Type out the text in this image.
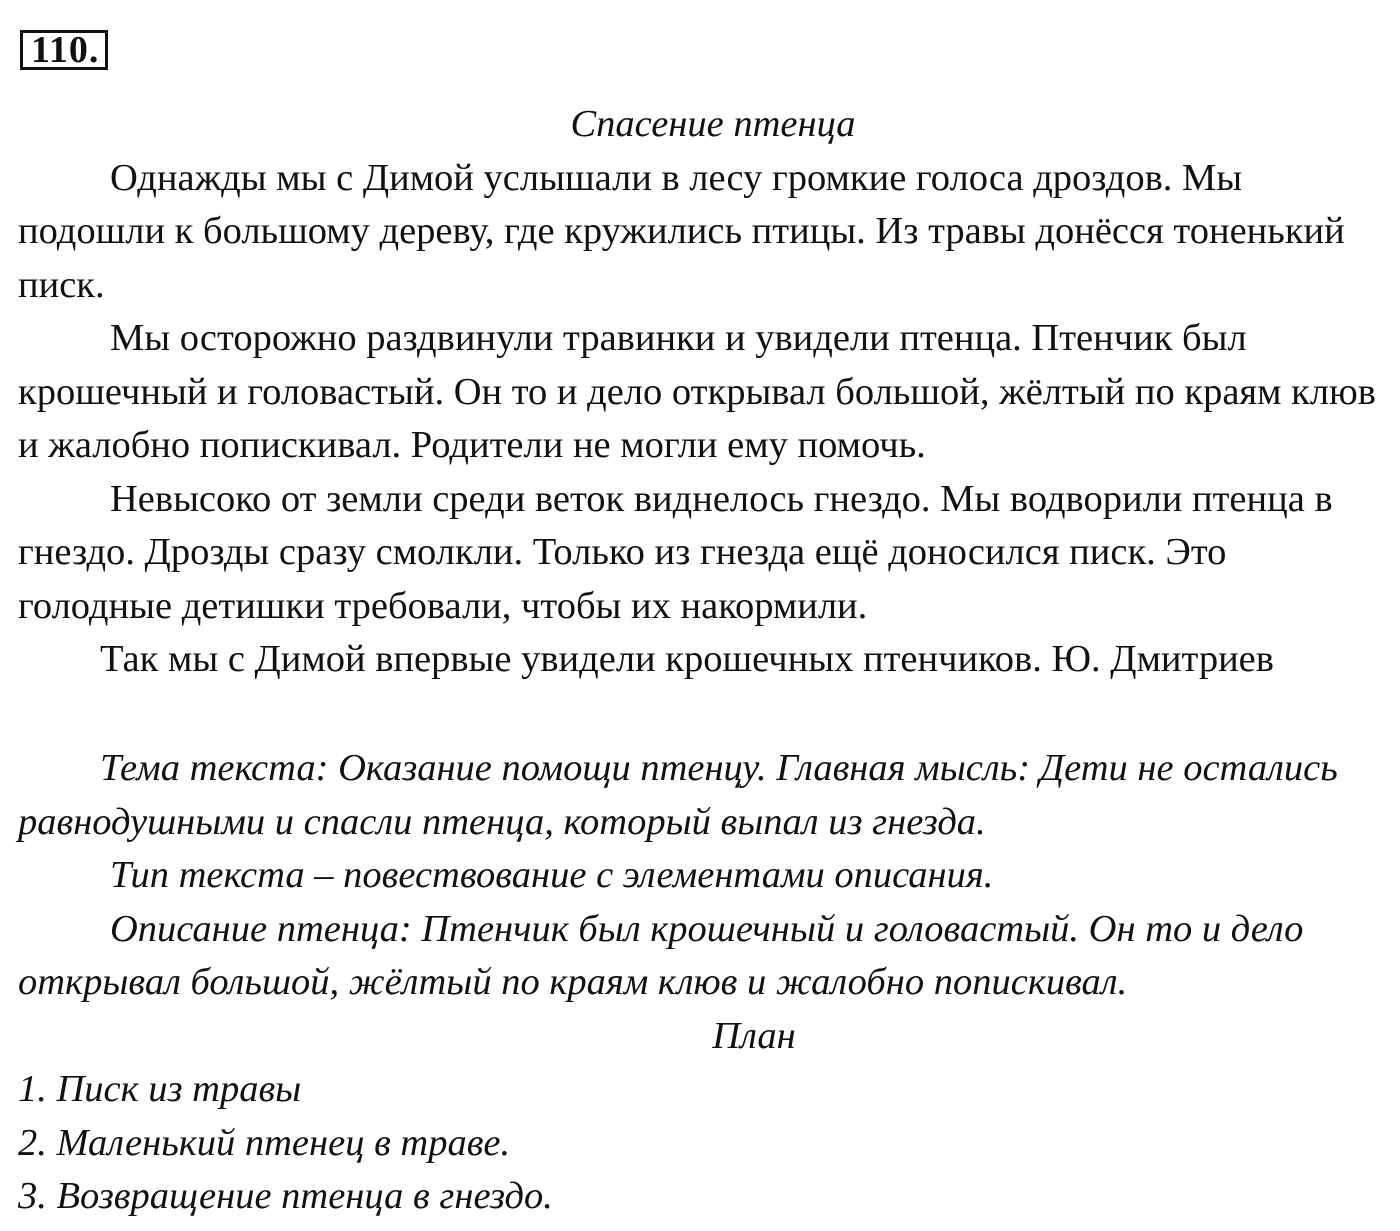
110.

Спасение птенца

Однажды мы с Димой услышали в лесу громкие голоса дроздов. Мы подошли к большому дереву, где кружились птицы. Из травы донёсся тоненький писк.

Мы осторожно раздвинули травинки и увидели птенца. Птенчик был крошечный и головастый. Он то и дело открывал большой, жёлтый по краям клюв и жалобно попискивал. Родители не могли ему помочь.

Невысоко от земли среди веток виднелось гнездо. Мы водворили птенца в гнездо. Дрозды сразу смолкли. Только из гнезда ещё доносился писк. Это голодные детишки требовали, чтобы их накормили.

Так мы с Димой впервые увидели крошечных птенчиков. Ю. Дмитриев

Тема текста: Оказание помощи птенцу. Главная мысль: Дети не остались равнодушными и спасли птенца, который выпал из гнезда.

Тип текста – повествование с элементами описания.

Описание птенца: Птенчик был крошечный и головастый. Он то и дело открывал большой, жёлтый по краям клюв и жалобно попискивал.

План

1. Писк из травы

2. Маленький птенец в траве.

3. Возвращение птенца в гнездо.
